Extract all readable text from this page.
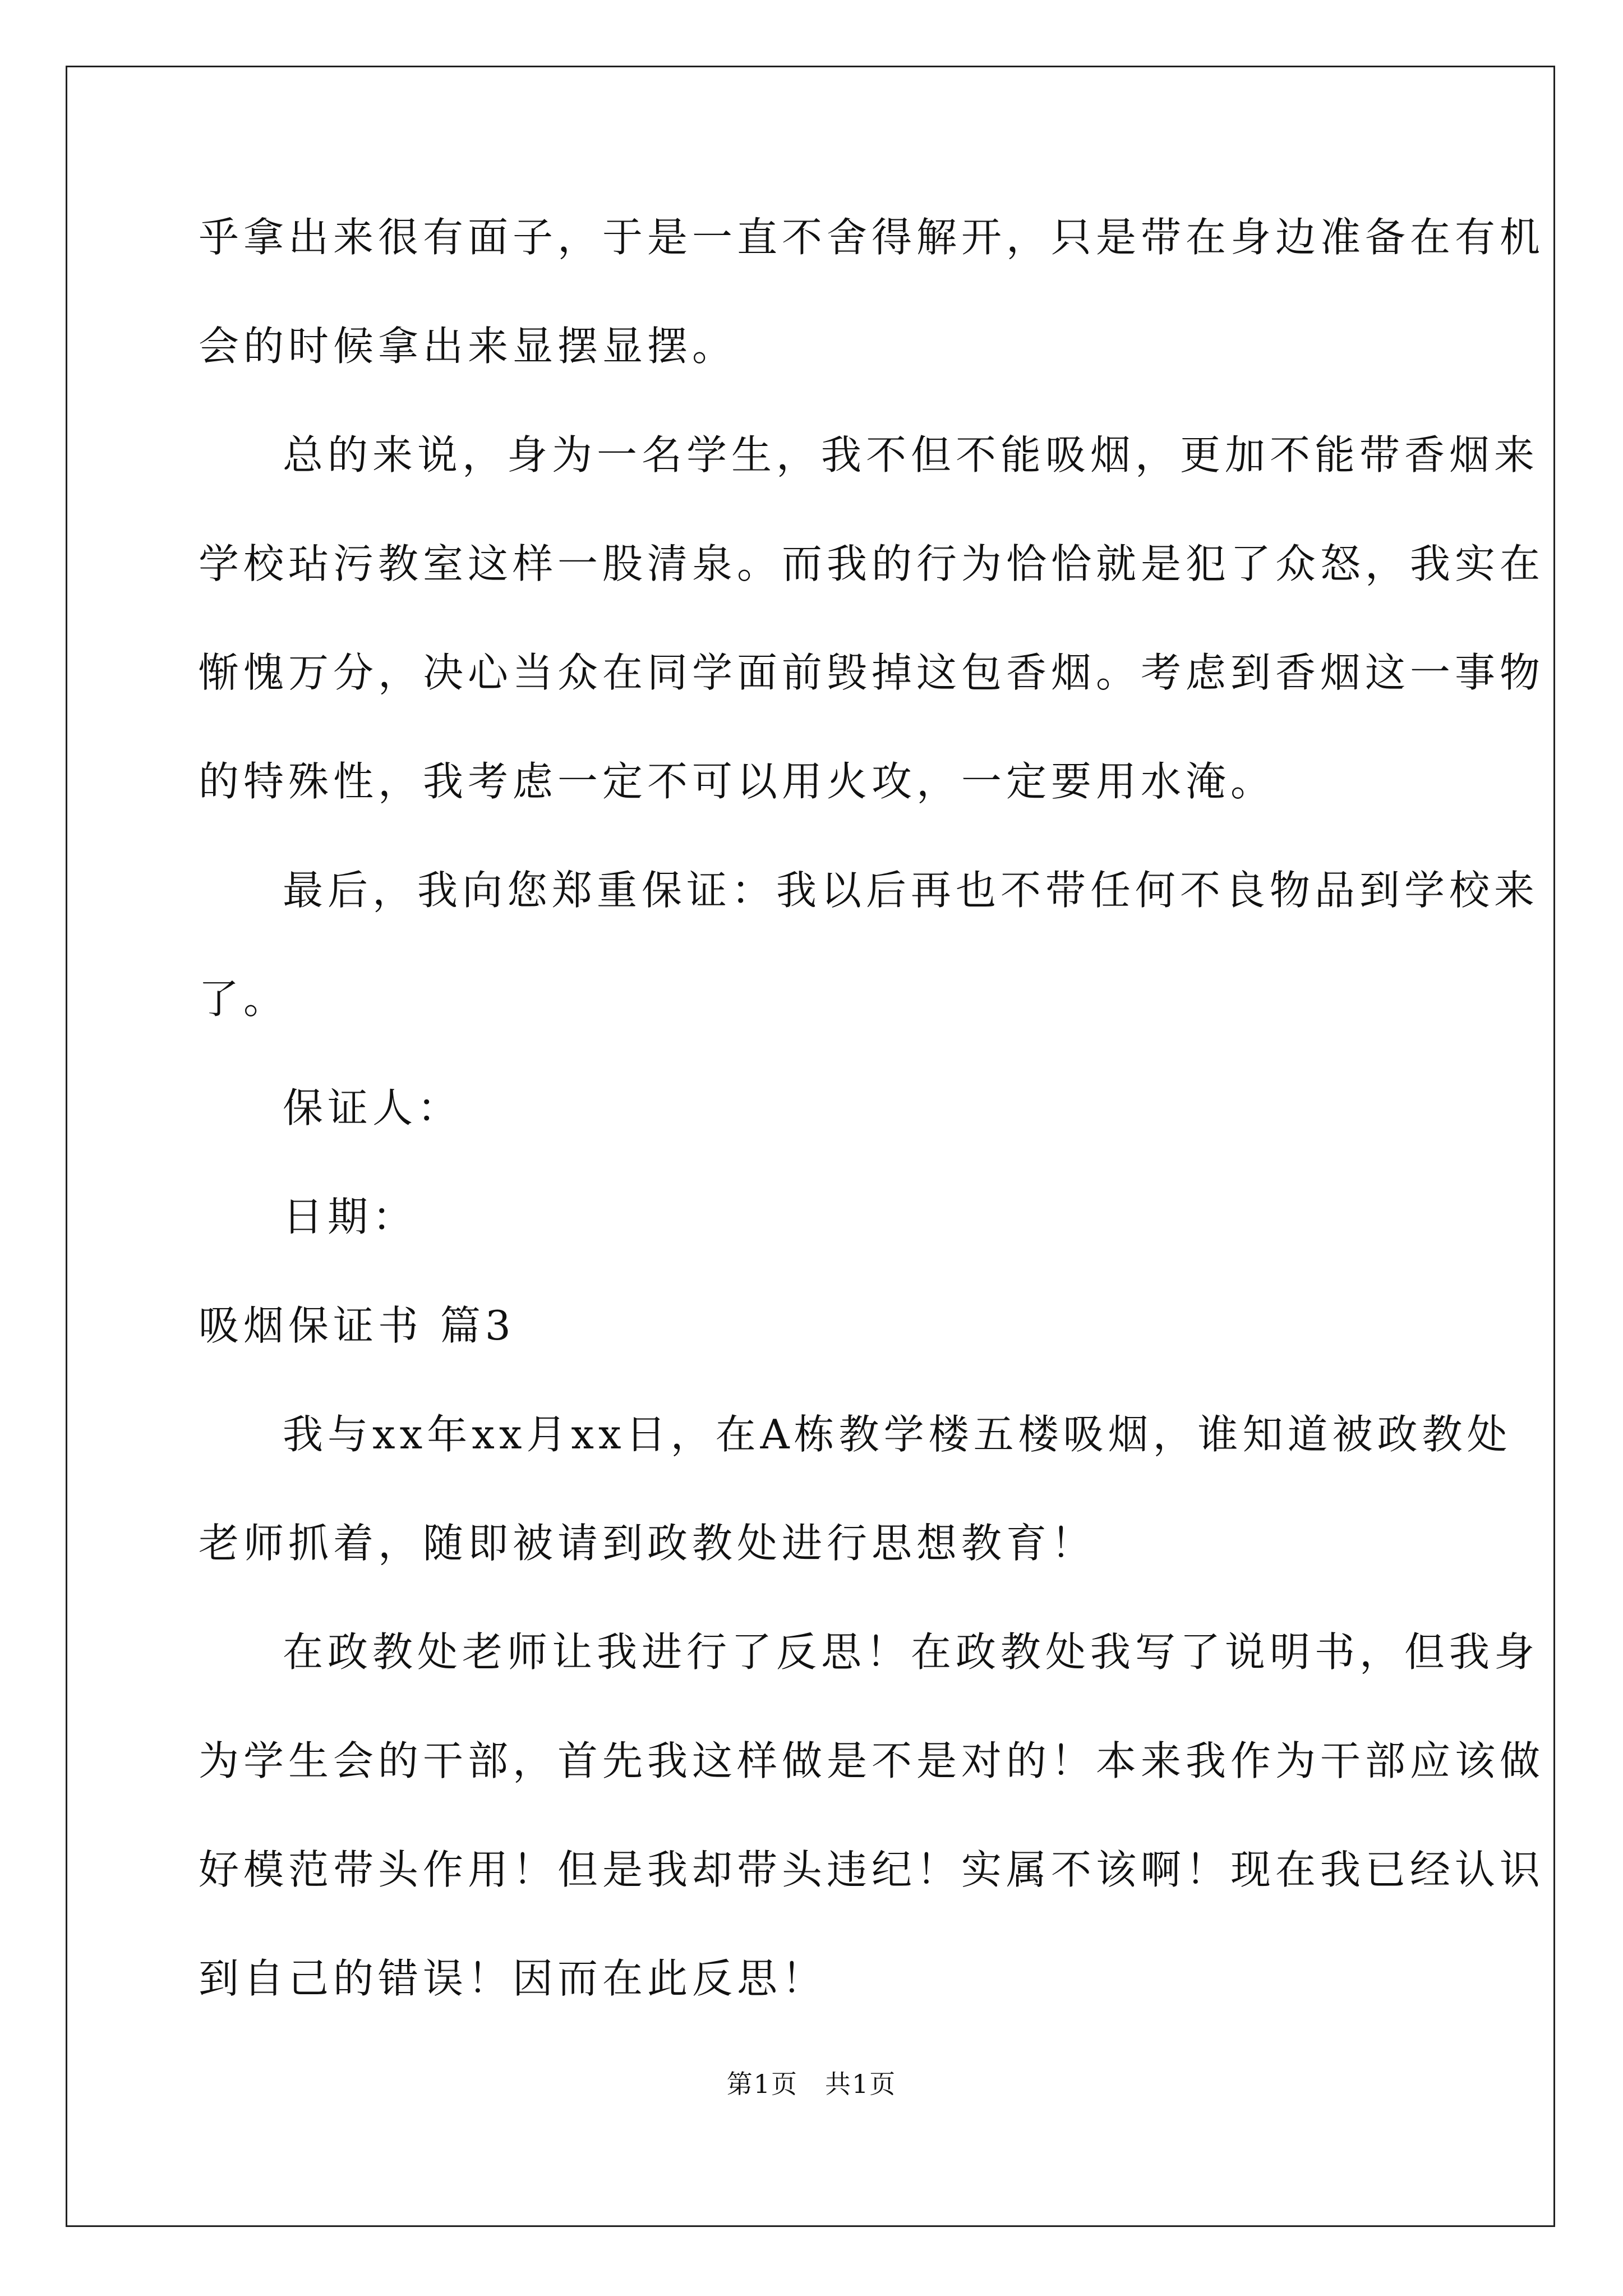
乎拿出来很有面子，于是一直不舍得解开，只是带在身边准备在有机
会的时候拿出来显摆显摆。
总的来说，身为一名学生，我不但不能吸烟，更加不能带香烟来
学校玷污教室这样一股清泉。而我的行为恰恰就是犯了众怒，我实在
惭愧万分，决心当众在同学面前毁掉这包香烟。考虑到香烟这一事物
的特殊性，我考虑一定不可以用火攻，一定要用水淹。
最后，我向您郑重保证：我以后再也不带任何不良物品到学校来
了。
保证人：
日期：
吸烟保证书 篇3
我与xx年xx月xx日，在A栋教学楼五楼吸烟，谁知道被政教处
老师抓着，随即被请到政教处进行思想教育！
在政教处老师让我进行了反思！在政教处我写了说明书，但我身
为学生会的干部，首先我这样做是不是对的！本来我作为干部应该做
好模范带头作用！但是我却带头违纪！实属不该啊！现在我已经认识
到自己的错误！因而在此反思！
第1页 共1页
